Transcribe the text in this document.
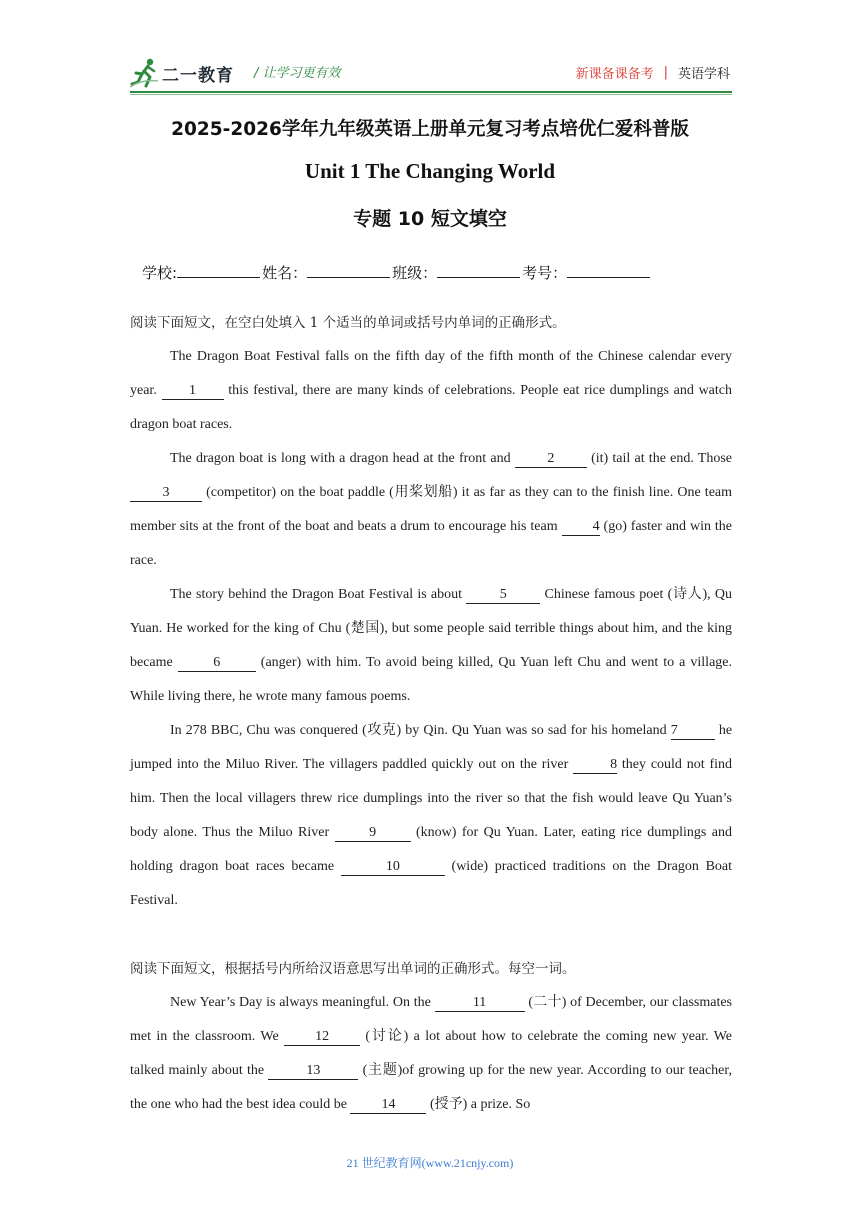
二一教育 / 让学习更有效	新课备课备考 | 英语学科
2025-2026学年九年级英语上册单元复习考点培优仁爱科普版
Unit 1 The Changing World
专题 10 短文填空
学校:	姓名：	班级：	考号：

阅读下面短文，在空白处填入 1 个适当的单词或括号内单词的正确形式。

The Dragon Boat Festival falls on the fifth day of the fifth month of the Chinese calendar every year. 1 this festival, there are many kinds of celebrations. People eat rice dumplings and watch dragon boat races.

The dragon boat is long with a dragon head at the front and	2	(it) tail at the end. Those 3	(competitor) on the boat paddle (用桨划船) it as far as they can to the finish line. One team member sits at the front of the boat and beats a drum to encourage his team 4 (go) faster and win the race.

The story behind the Dragon Boat Festival is about	5	Chinese famous poet (诗人), Qu Yuan. He worked for the king of Chu (楚国), but some people said terrible things about him, and the king became	6	(anger) with him. To avoid being killed, Qu Yuan left Chu and went to a village. While living there, he wrote many famous poems.

In 278 BBC, Chu was conquered (攻克) by Qin. Qu Yuan was so sad for his homeland 7	he jumped into the Miluo River. The villagers paddled quickly out on the river	8 they could not find him. Then the local villagers threw rice dumplings into the river so that the fish would leave Qu Yuan’s body alone. Thus the Miluo River	9	(know) for Qu Yuan. Later, eating rice dumplings and holding dragon boat races became	10	(wide) practiced traditions on the Dragon Boat Festival.

阅读下面短文，根据括号内所给汉语意思写出单词的正确形式。每空一词。

New Year’s Day is always meaningful. On the	11	(二十) of December, our classmates met in the classroom. We	12	(讨论) a lot about how to celebrate the coming new year. We talked mainly about the	13	(主题)of growing up for the new year. According to our teacher, the one who had the best idea could be 14 (授予) a prize. So

21 世纪教育网(www.21cnjy.com)
